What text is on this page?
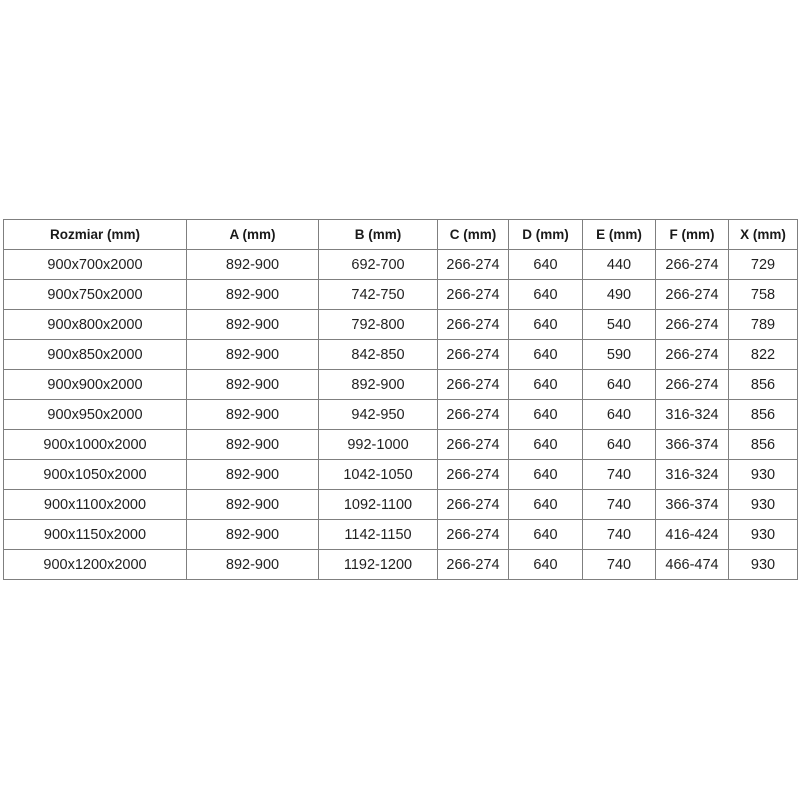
Rozmiar (mm)	A (mm)	B (mm)	C (mm)	D (mm)	E (mm)	F (mm)	X (mm)
900x700x2000	892-900	692-700	266-274	640	440	266-274	729
900x750x2000	892-900	742-750	266-274	640	490	266-274	758
900x800x2000	892-900	792-800	266-274	640	540	266-274	789
900x850x2000	892-900	842-850	266-274	640	590	266-274	822
900x900x2000	892-900	892-900	266-274	640	640	266-274	856
900x950x2000	892-900	942-950	266-274	640	640	316-324	856
900x1000x2000	892-900	992-1000	266-274	640	640	366-374	856
900x1050x2000	892-900	1042-1050	266-274	640	740	316-324	930
900x1100x2000	892-900	1092-1100	266-274	640	740	366-374	930
900x1150x2000	892-900	1142-1150	266-274	640	740	416-424	930
900x1200x2000	892-900	1192-1200	266-274	640	740	466-474	930
